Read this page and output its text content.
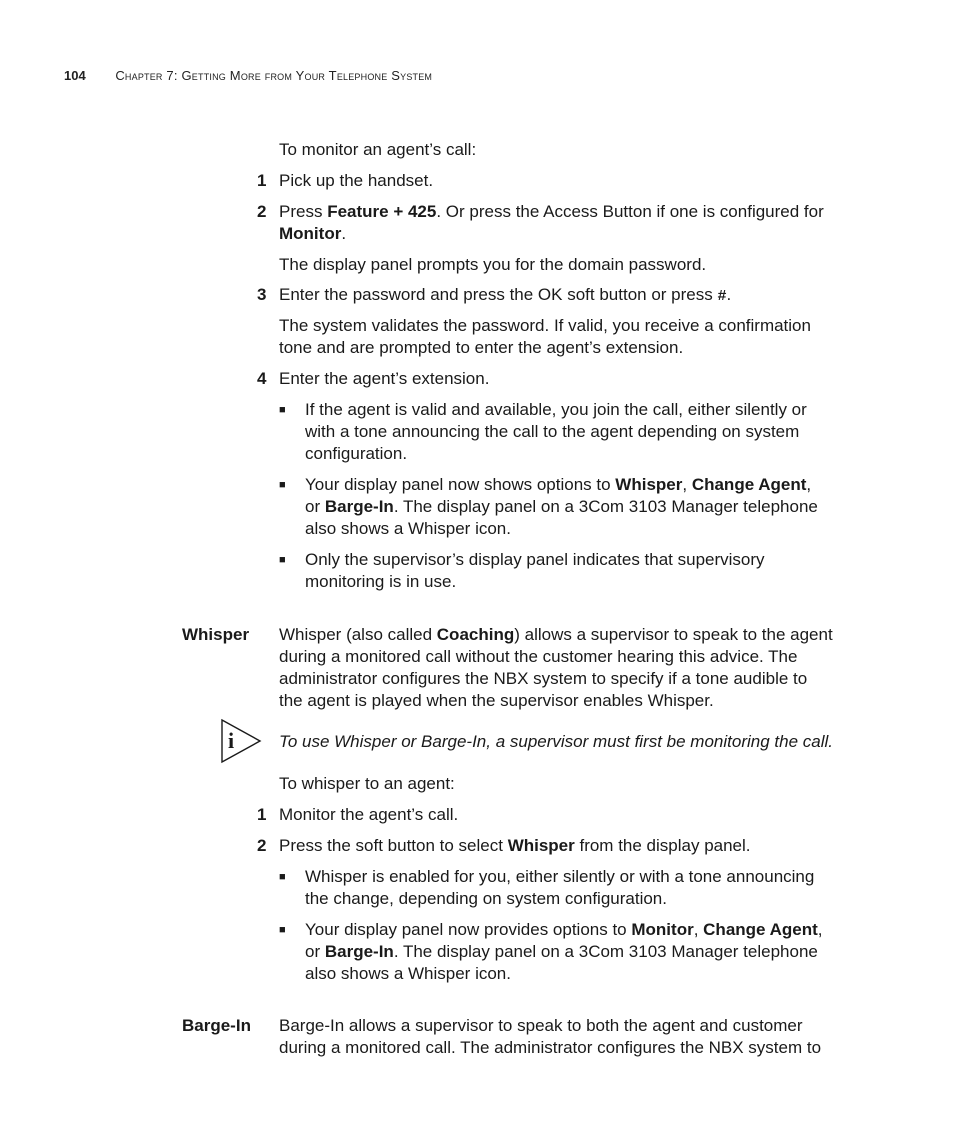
104 Chapter 7: Getting More from Your Telephone System
To monitor an agent’s call:
1 Pick up the handset.
2 Press Feature + 425. Or press the Access Button if one is configured for
Monitor.
The display panel prompts you for the domain password.
3 Enter the password and press the OK soft button or press #.
The system validates the password. If valid, you receive a confirmation
tone and are prompted to enter the agent’s extension.
4 Enter the agent’s extension.
■ If the agent is valid and available, you join the call, either silently or
with a tone announcing the call to the agent depending on system
configuration.
■ Your display panel now shows options to Whisper, Change Agent,
or Barge-In. The display panel on a 3Com 3103 Manager telephone
also shows a Whisper icon.
■ Only the supervisor’s display panel indicates that supervisory
monitoring is in use.
Whisper Whisper (also called Coaching) allows a supervisor to speak to the agent
during a monitored call without the customer hearing this advice. The
administrator configures the NBX system to specify if a tone audible to
the agent is played when the supervisor enables Whisper.
i	To use Whisper or Barge-In, a supervisor must first be monitoring the call.
To whisper to an agent:
1 Monitor the agent’s call.
2 Press the soft button to select Whisper from the display panel.
■ Whisper is enabled for you, either silently or with a tone announcing
the change, depending on system configuration.
■ Your display panel now provides options to Monitor, Change Agent,
or Barge-In. The display panel on a 3Com 3103 Manager telephone
also shows a Whisper icon.
Barge-In Barge-In allows a supervisor to speak to both the agent and customer
during a monitored call. The administrator configures the NBX system to
